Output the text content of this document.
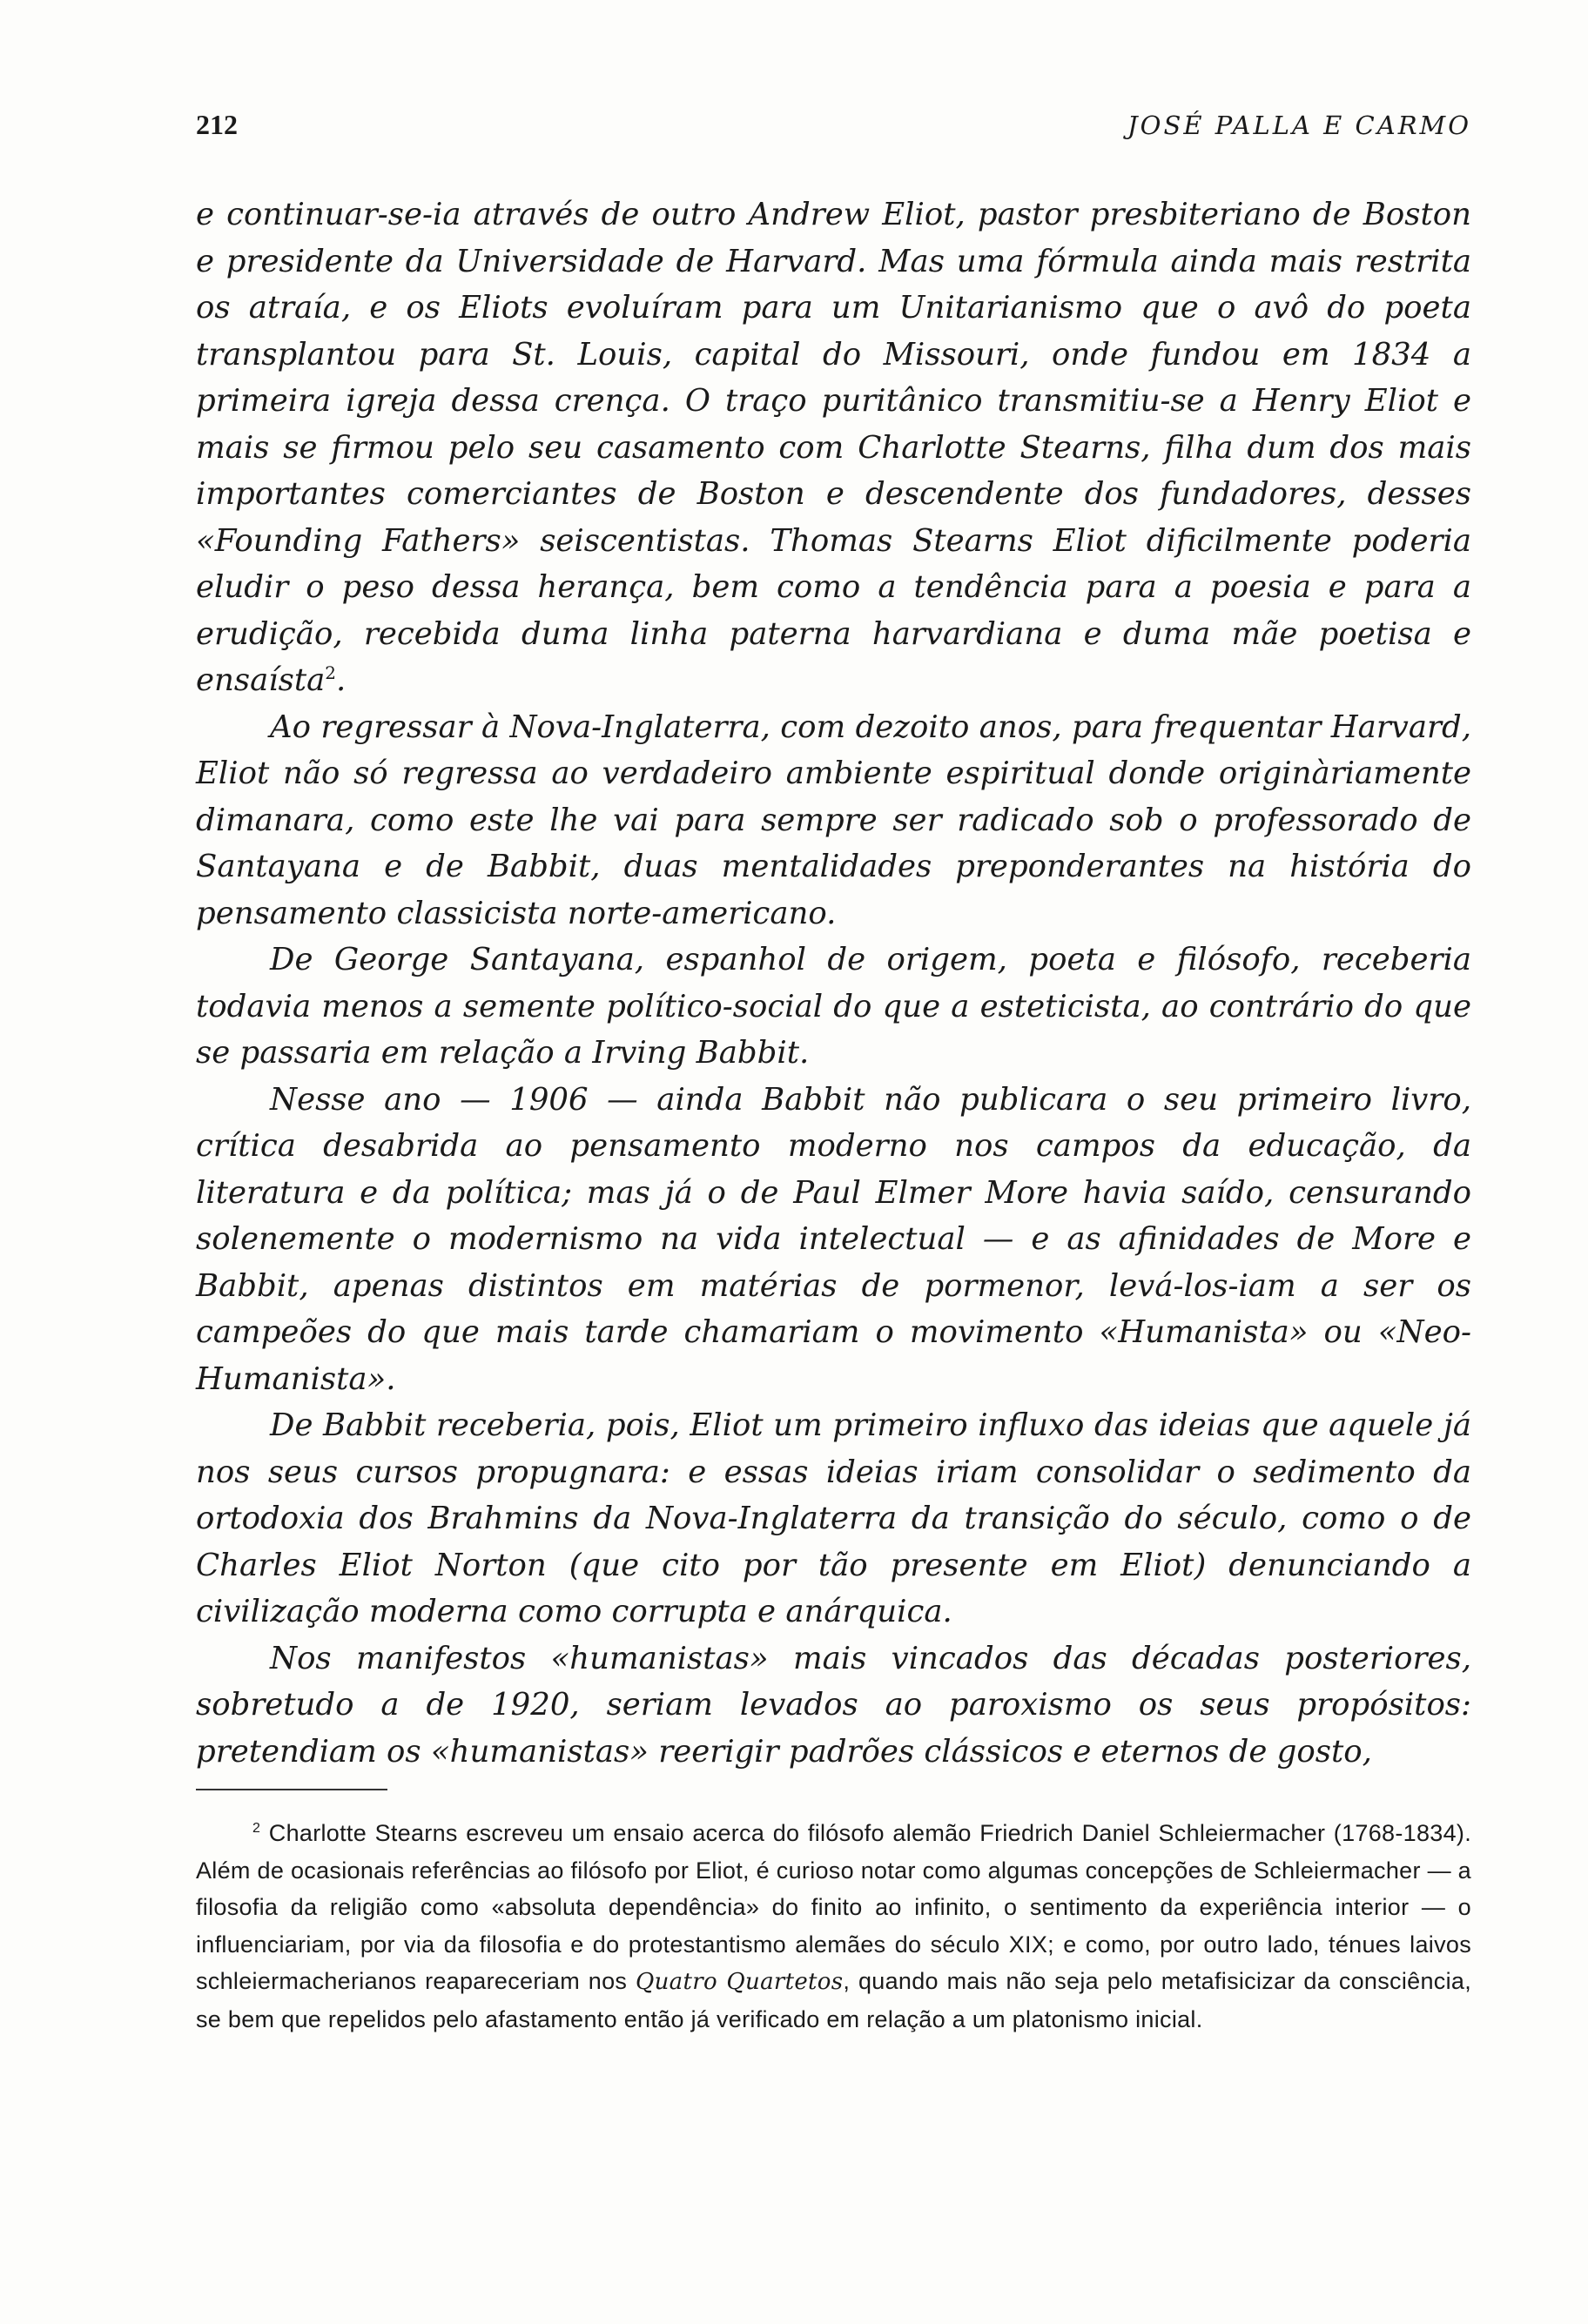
212	JOSÉ PALLA E CARMO

e continuar-se-ia através de outro Andrew Eliot, pastor presbiteriano de Boston e presidente da Universidade de Harvard. Mas uma fórmula ainda mais restrita os atraía, e os Eliots evoluíram para um Unitarianismo que o avô do poeta transplantou para St. Louis, capital do Missouri, onde fundou em 1834 a primeira igreja dessa crença. O traço puritânico transmitiu-se a Henry Eliot e mais se firmou pelo seu casamento com Charlotte Stearns, filha dum dos mais importantes comerciantes de Boston e descendente dos fundadores, desses «Founding Fathers» seiscentistas. Thomas Stearns Eliot dificilmente poderia eludir o peso dessa herança, bem como a tendência para a poesia e para a erudição, recebida duma linha paterna harvardiana e duma mãe poetisa e ensaísta$^2$.

Ao regressar à Nova-Inglaterra, com dezoito anos, para frequentar Harvard, Eliot não só regressa ao verdadeiro ambiente espiritual donde originàriamente dimanara, como este lhe vai para sempre ser radicado sob o professorado de Santayana e de Babbit, duas mentalidades preponderantes na história do pensamento classicista norte-americano.

De George Santayana, espanhol de origem, poeta e filósofo, receberia todavia menos a semente político-social do que a esteticista, ao contrário do que se passaria em relação a Irving Babbit.

Nesse ano — 1906 — ainda Babbit não publicara o seu primeiro livro, crítica desabrida ao pensamento moderno nos campos da educação, da literatura e da política; mas já o de Paul Elmer More havia saído, censurando solenemente o modernismo na vida intelectual — e as afinidades de More e Babbit, apenas distintos em matérias de pormenor, levá-los-iam a ser os campeões do que mais tarde chamariam o movimento «Humanista» ou «Neo-Humanista».

De Babbit receberia, pois, Eliot um primeiro influxo das ideias que aquele já nos seus cursos propugnara: e essas ideias iriam consolidar o sedimento da ortodoxia dos Brahmins da Nova-Inglaterra da transição do século, como o de Charles Eliot Norton (que cito por tão presente em Eliot) denunciando a civilização moderna como corrupta e anárquica.

Nos manifestos «humanistas» mais vincados das décadas posteriores, sobretudo a de 1920, seriam levados ao paroxismo os seus propósitos: pretendiam os «humanistas» reerigir padrões clássicos e eternos de gosto,

$^2$ Charlotte Stearns escreveu um ensaio acerca do filósofo alemão Friedrich Daniel Schleiermacher (1768-1834). Além de ocasionais referências ao filósofo por Eliot, é curioso notar como algumas concepções de Schleiermacher — a filosofia da religião como «absoluta dependência» do finito ao infinito, o sentimento da experiência interior — o influenciariam, por via da filosofia e do protestantismo alemães do século XIX; e como, por outro lado, ténues laivos schleiermacherianos reapareceriam nos Quatro Quartetos, quando mais não seja pelo metafisicizar da consciência, se bem que repelidos pelo afastamento então já verificado em relação a um platonismo inicial.
